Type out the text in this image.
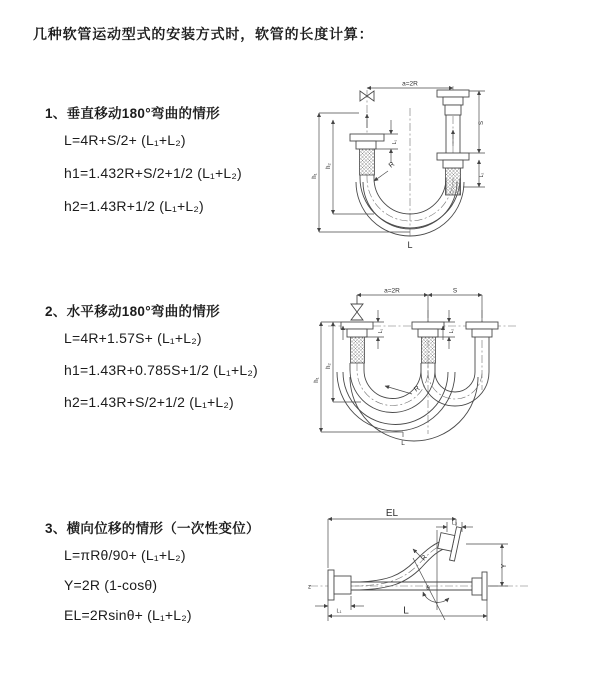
几种软管运动型式的安装方式时，软管的长度计算：
1、垂直移动180°弯曲的情形
L=4R+S/2+ (L₁+L₂)
h1=1.432R+S/2+1/2 (L₁+L₂)
h2=1.43R+1/2 (L₁+L₂)
2、水平移动180°弯曲的情形
L=4R+1.57S+ (L₁+L₂)
h1=1.43R+0.785S+1/2 (L₁+L₂)
h2=1.43R+S/2+1/2 (L₁+L₂)
3、横向位移的情形（一次性变位）
L=πRθ/90+ (L₁+L₂)
Y=2R (1-cosθ)
EL=2Rsinθ+ (L₁+L₂)
a=2R
h₁
h₂
L₁
S
L₂
R
L
a=2R	S
L₁	L₂
h₁
h₂
R
L
θ
R
EL
L₂
Y
L
L₁
z
